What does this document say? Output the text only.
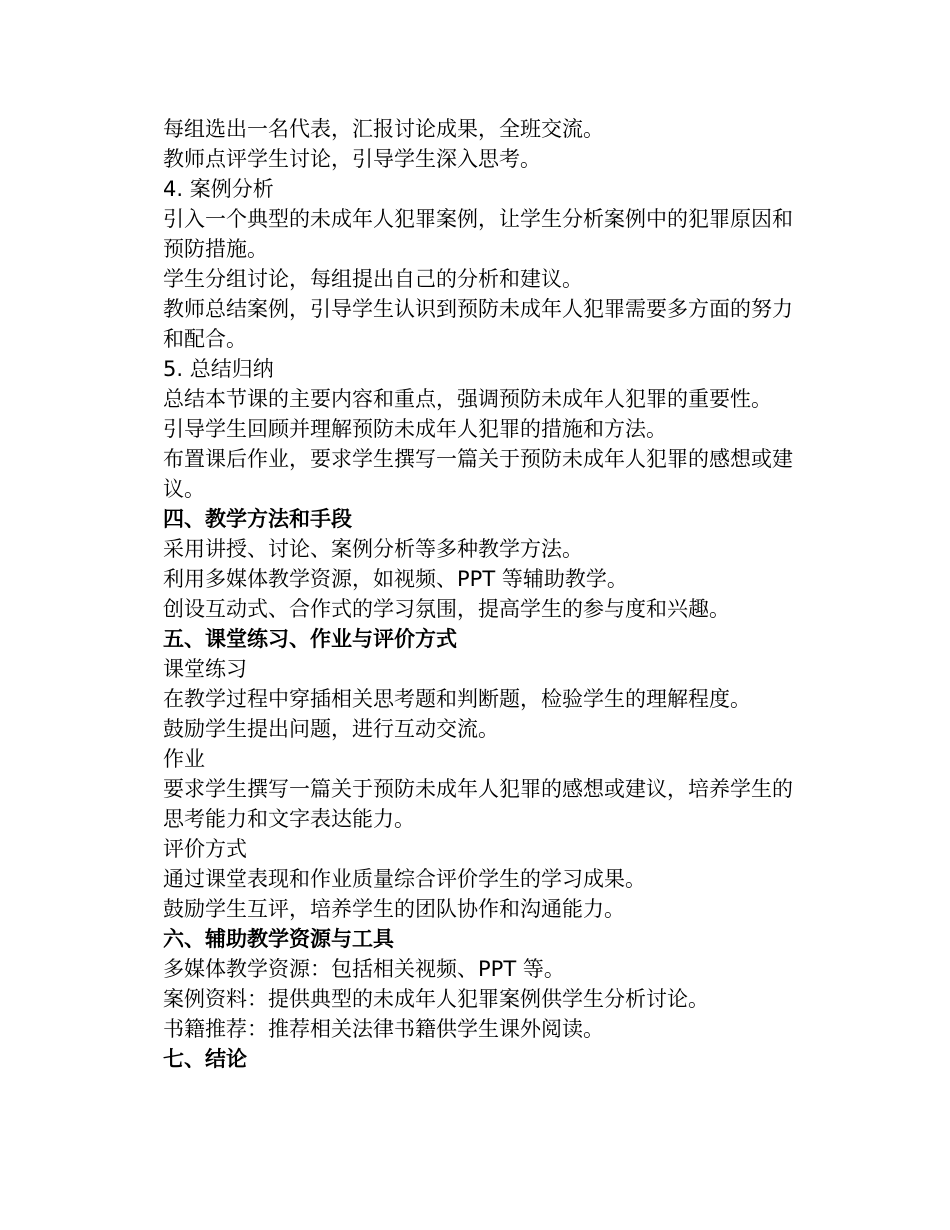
每组选出一名代表，汇报讨论成果，全班交流。

教师点评学生讨论，引导学生深入思考。

4. 案例分析

引入一个典型的未成年人犯罪案例，让学生分析案例中的犯罪原因和预防措施。

学生分组讨论，每组提出自己的分析和建议。

教师总结案例，引导学生认识到预防未成年人犯罪需要多方面的努力和配合。

5. 总结归纳

总结本节课的主要内容和重点，强调预防未成年人犯罪的重要性。

引导学生回顾并理解预防未成年人犯罪的措施和方法。

布置课后作业，要求学生撰写一篇关于预防未成年人犯罪的感想或建议。

四、教学方法和手段

采用讲授、讨论、案例分析等多种教学方法。

利用多媒体教学资源，如视频、PPT 等辅助教学。

创设互动式、合作式的学习氛围，提高学生的参与度和兴趣。

五、课堂练习、作业与评价方式

课堂练习

在教学过程中穿插相关思考题和判断题，检验学生的理解程度。

鼓励学生提出问题，进行互动交流。

作业

要求学生撰写一篇关于预防未成年人犯罪的感想或建议，培养学生的思考能力和文字表达能力。

评价方式

通过课堂表现和作业质量综合评价学生的学习成果。

鼓励学生互评，培养学生的团队协作和沟通能力。

六、辅助教学资源与工具

多媒体教学资源：包括相关视频、PPT 等。

案例资料：提供典型的未成年人犯罪案例供学生分析讨论。

书籍推荐：推荐相关法律书籍供学生课外阅读。

七、结论
